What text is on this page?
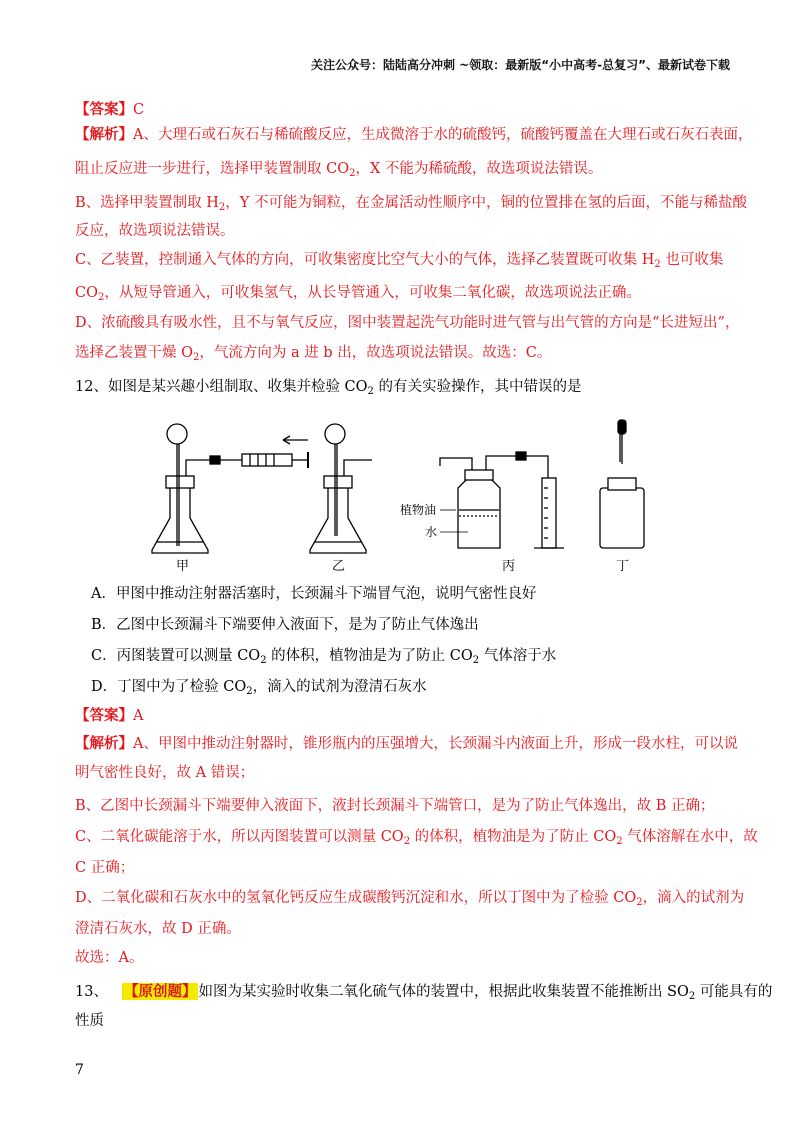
关注公众号：陆陆高分冲刺 ~领取：最新版“小中高考-总复习”、最新试卷下载
【答案】C
【解析】A、大理石或石灰石与稀硫酸反应，生成微溶于水的硫酸钙，硫酸钙覆盖在大理石或石灰石表面，
阻止反应进一步进行，选择甲装置制取 $CO_2$，X 不能为稀硫酸，故选项说法错误。
B、选择甲装置制取 $H_2$，Y 不可能为铜粒，在金属活动性顺序中，铜的位置排在氢的后面，不能与稀盐酸
反应，故选项说法错误。
C、乙装置，控制通入气体的方向，可收集密度比空气大小的气体，选择乙装置既可收集 $H_2$ 也可收集
$CO_2$，从短导管通入，可收集氢气，从长导管通入，可收集二氧化碳，故选项说法正确。
D、浓硫酸具有吸水性，且不与氧气反应，图中装置起洗气功能时进气管与出气管的方向是“长进短出”，
选择乙装置干燥 $O_2$，气流方向为 a 进 b 出，故选项说法错误。故选：C。
12、如图是某兴趣小组制取、收集并检验 $CO_2$ 的有关实验操作，其中错误的是
甲	乙	丙	丁
植物油
水
A．甲图中推动注射器活塞时，长颈漏斗下端冒气泡，说明气密性良好
B．乙图中长颈漏斗下端要伸入液面下，是为了防止气体逸出
C．丙图装置可以测量 $CO_2$ 的体积，植物油是为了防止 $CO_2$ 气体溶于水
D．丁图中为了检验 $CO_2$，滴入的试剂为澄清石灰水
【答案】A
【解析】A、甲图中推动注射器时，锥形瓶内的压强增大，长颈漏斗内液面上升，形成一段水柱，可以说
明气密性良好，故 A 错误；
B、乙图中长颈漏斗下端要伸入液面下，液封长颈漏斗下端管口，是为了防止气体逸出，故 B 正确；
C、二氧化碳能溶于水，所以丙图装置可以测量 $CO_2$ 的体积，植物油是为了防止 $CO_2$ 气体溶解在水中，故
C 正确；
D、二氧化碳和石灰水中的氢氧化钙反应生成碳酸钙沉淀和水，所以丁图中为了检验 $CO_2$，滴入的试剂为
澄清石灰水，故 D 正确。
故选：A。
13、 【原创题】 如图为某实验时收集二氧化硫气体的装置中，根据此收集装置不能推断出 $SO_2$ 可能具有的
性质
7
